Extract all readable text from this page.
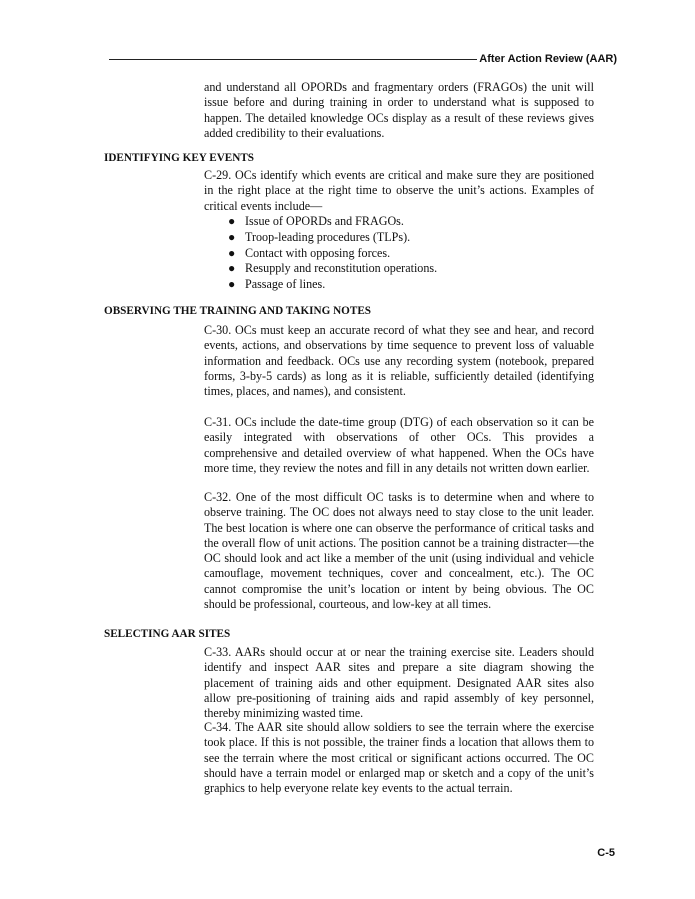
After Action Review (AAR)

and understand all OPORDs and fragmentary orders (FRAGOs) the unit will issue before and during training in order to understand what is supposed to happen. The detailed knowledge OCs display as a result of these reviews gives added credibility to their evaluations.

IDENTIFYING KEY EVENTS

C-29. OCs identify which events are critical and make sure they are positioned in the right place at the right time to observe the unit’s actions. Examples of critical events include—

● Issue of OPORDs and FRAGOs.
● Troop-leading procedures (TLPs).
● Contact with opposing forces.
● Resupply and reconstitution operations.
● Passage of lines.
OBSERVING THE TRAINING AND TAKING NOTES

C-30. OCs must keep an accurate record of what they see and hear, and record events, actions, and observations by time sequence to prevent loss of valuable information and feedback. OCs use any recording system (notebook, prepared forms, 3-by-5 cards) as long as it is reliable, sufficiently detailed (identifying times, places, and names), and consistent.

C-31. OCs include the date-time group (DTG) of each observation so it can be easily integrated with observations of other OCs. This provides a comprehensive and detailed overview of what happened. When the OCs have more time, they review the notes and fill in any details not written down earlier.

C-32. One of the most difficult OC tasks is to determine when and where to observe training. The OC does not always need to stay close to the unit leader. The best location is where one can observe the performance of critical tasks and the overall flow of unit actions. The position cannot be a training distracter—the OC should look and act like a member of the unit (using individual and vehicle camouflage, movement techniques, cover and concealment, etc.). The OC cannot compromise the unit’s location or intent by being obvious. The OC should be professional, courteous, and low-key at all times.

SELECTING AAR SITES

C-33. AARs should occur at or near the training exercise site. Leaders should identify and inspect AAR sites and prepare a site diagram showing the placement of training aids and other equipment. Designated AAR sites also allow pre-positioning of training aids and rapid assembly of key personnel, thereby minimizing wasted time.

C-34. The AAR site should allow soldiers to see the terrain where the exercise took place. If this is not possible, the trainer finds a location that allows them to see the terrain where the most critical or significant actions occurred. The OC should have a terrain model or enlarged map or sketch and a copy of the unit’s graphics to help everyone relate key events to the actual terrain.

C-5
